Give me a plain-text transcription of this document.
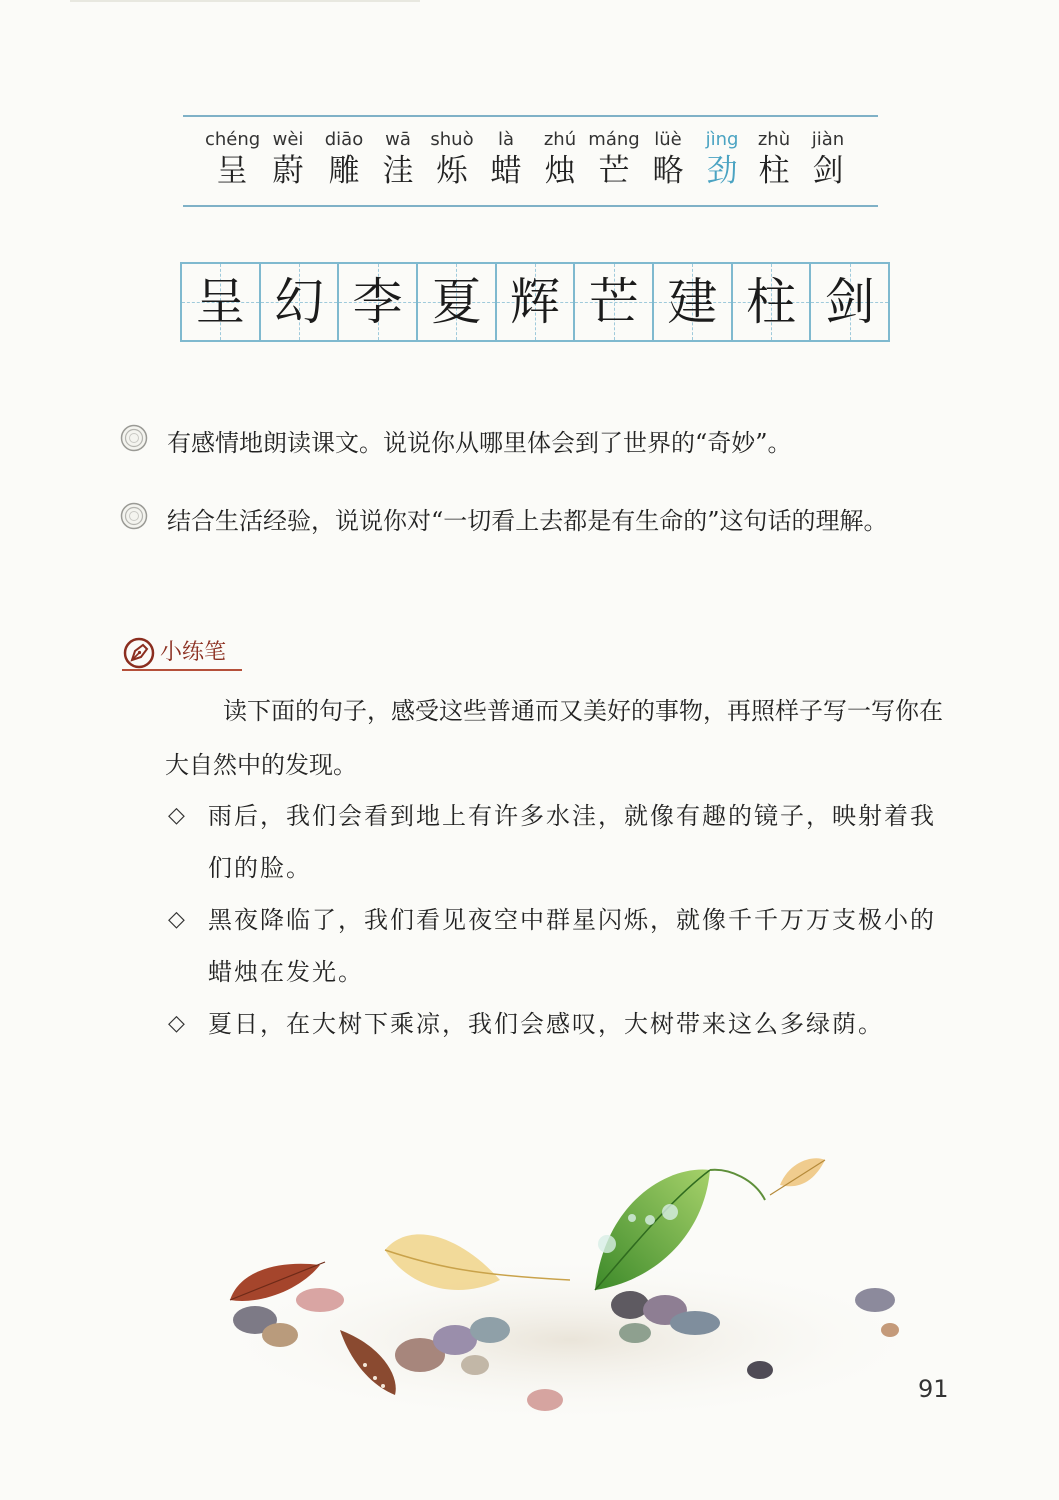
chéng
呈
wèi
蔚
diāo
雕
wā
洼
shuò
烁
là
蜡
zhú
烛
máng
芒
lüè
略
jìng
劲
zhù
柱
jiàn
剑
呈 幻 李 夏 辉 芒 建 柱 剑
有感情地朗读课文。说说你从哪里体会到了世界的“奇妙”。
结合生活经验，说说你对“一切看上去都是有生命的”这句话的理解。
小练笔
读下面的句子，感受这些普通而又美好的事物，再照样子写一写你在大自然中的发现。
◇ 雨后，我们会看到地上有许多水洼，就像有趣的镜子，映射着我们的脸。
◇ 黑夜降临了，我们看见夜空中群星闪烁，就像千千万万支极小的蜡烛在发光。
◇ 夏日，在大树下乘凉，我们会感叹，大树带来这么多绿荫。
91
